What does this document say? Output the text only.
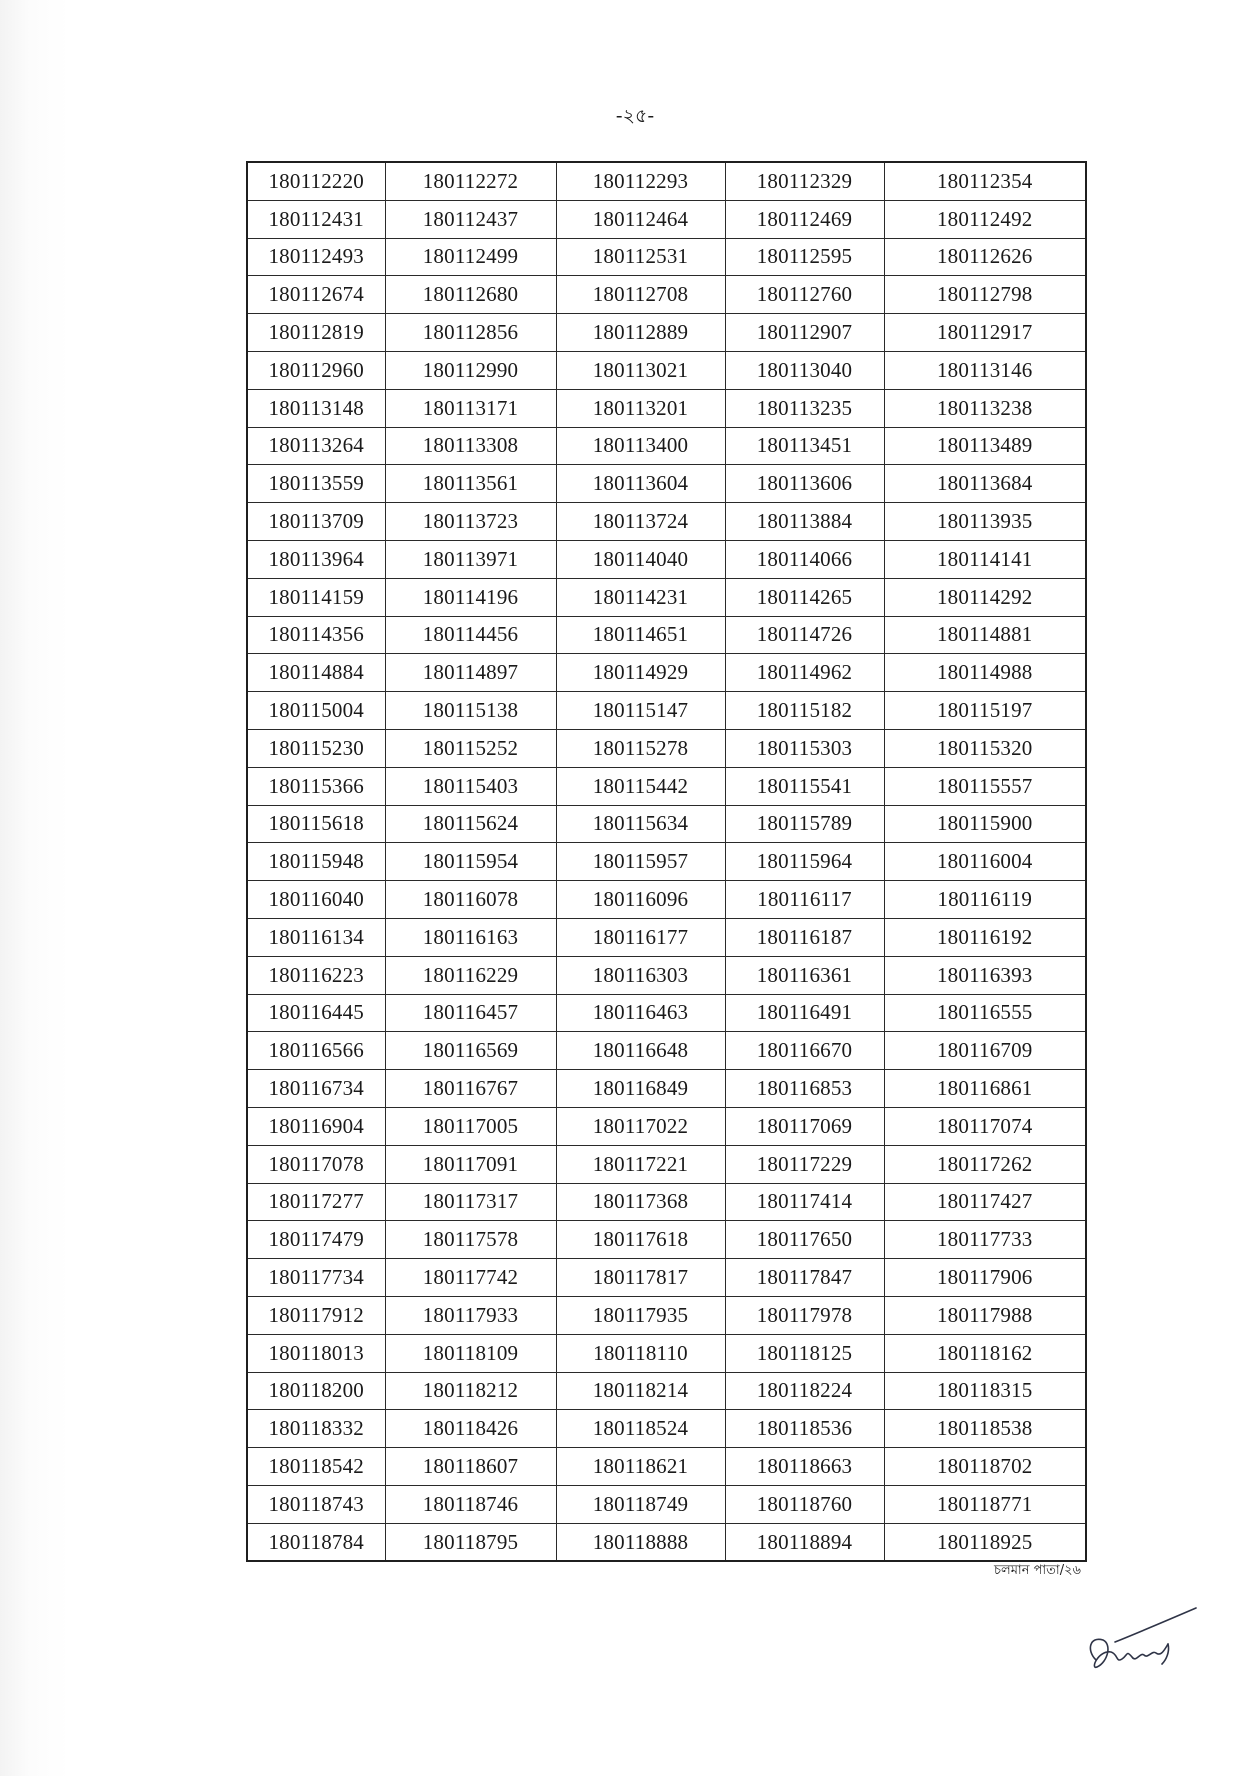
-২৫-
180112220	180112272	180112293	180112329	180112354
180112431	180112437	180112464	180112469	180112492
180112493	180112499	180112531	180112595	180112626
180112674	180112680	180112708	180112760	180112798
180112819	180112856	180112889	180112907	180112917
180112960	180112990	180113021	180113040	180113146
180113148	180113171	180113201	180113235	180113238
180113264	180113308	180113400	180113451	180113489
180113559	180113561	180113604	180113606	180113684
180113709	180113723	180113724	180113884	180113935
180113964	180113971	180114040	180114066	180114141
180114159	180114196	180114231	180114265	180114292
180114356	180114456	180114651	180114726	180114881
180114884	180114897	180114929	180114962	180114988
180115004	180115138	180115147	180115182	180115197
180115230	180115252	180115278	180115303	180115320
180115366	180115403	180115442	180115541	180115557
180115618	180115624	180115634	180115789	180115900
180115948	180115954	180115957	180115964	180116004
180116040	180116078	180116096	180116117	180116119
180116134	180116163	180116177	180116187	180116192
180116223	180116229	180116303	180116361	180116393
180116445	180116457	180116463	180116491	180116555
180116566	180116569	180116648	180116670	180116709
180116734	180116767	180116849	180116853	180116861
180116904	180117005	180117022	180117069	180117074
180117078	180117091	180117221	180117229	180117262
180117277	180117317	180117368	180117414	180117427
180117479	180117578	180117618	180117650	180117733
180117734	180117742	180117817	180117847	180117906
180117912	180117933	180117935	180117978	180117988
180118013	180118109	180118110	180118125	180118162
180118200	180118212	180118214	180118224	180118315
180118332	180118426	180118524	180118536	180118538
180118542	180118607	180118621	180118663	180118702
180118743	180118746	180118749	180118760	180118771
180118784	180118795	180118888	180118894	180118925
চলমান পাতা/২৬
